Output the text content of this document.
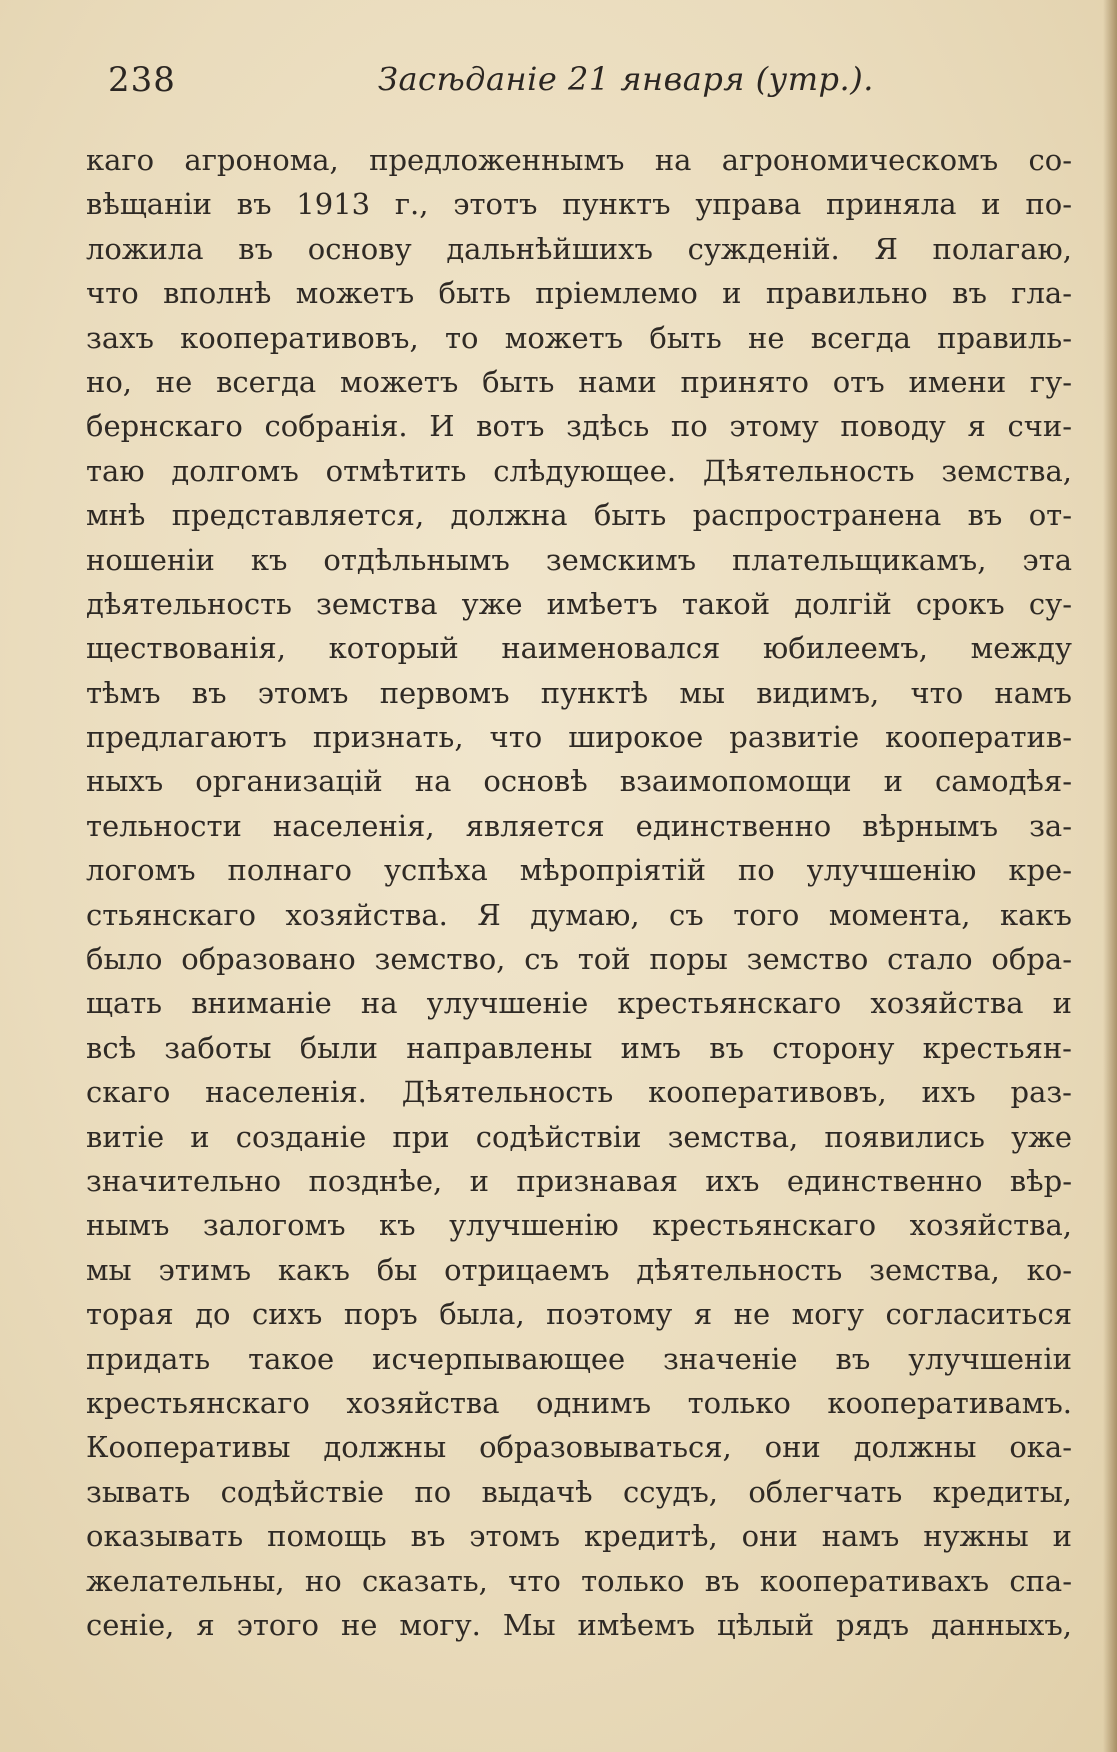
238	Засѣданіе 21 января (утр.).
каго агронома, предложеннымъ на агрономическомъ со-
вѣщаніи въ 1913 г., этотъ пунктъ управа приняла и по-
ложила въ основу дальнѣйшихъ сужденій. Я полагаю,
что вполнѣ можетъ быть пріемлемо и правильно въ гла-
захъ кооперативовъ, то можетъ быть не всегда правиль-
но, не всегда можетъ быть нами принято отъ имени гу-
бернскаго собранія. И вотъ здѣсь по этому поводу я счи-
таю долгомъ отмѣтить слѣдующее. Дѣятельность земства,
мнѣ представляется, должна быть распространена въ от-
ношеніи къ отдѣльнымъ земскимъ плательщикамъ, эта
дѣятельность земства уже имѣетъ такой долгій срокъ су-
ществованія, который наименовался юбилеемъ, между
тѣмъ въ этомъ первомъ пунктѣ мы видимъ, что намъ
предлагаютъ признать, что широкое развитіе кооператив-
ныхъ организацій на основѣ взаимопомощи и самодѣя-
тельности населенія, является единственно вѣрнымъ за-
логомъ полнаго успѣха мѣропріятій по улучшенію кре-
стьянскаго хозяйства. Я думаю, съ того момента, какъ
было образовано земство, съ той поры земство стало обра-
щать вниманіе на улучшеніе крестьянскаго хозяйства и
всѣ заботы были направлены имъ въ сторону крестьян-
скаго населенія. Дѣятельность кооперативовъ, ихъ раз-
витіе и созданіе при содѣйствіи земства, появились уже
значительно позднѣе, и признавая ихъ единственно вѣр-
нымъ залогомъ къ улучшенію крестьянскаго хозяйства,
мы этимъ какъ бы отрицаемъ дѣятельность земства, ко-
торая до сихъ поръ была, поэтому я не могу согласиться
придать такое исчерпывающее значеніе въ улучшеніи
крестьянскаго хозяйства однимъ только кооперативамъ.
Кооперативы должны образовываться, они должны ока-
зывать содѣйствіе по выдачѣ ссудъ, облегчать кредиты,
оказывать помощь въ этомъ кредитѣ, они намъ нужны и
желательны, но сказать, что только въ кооперативахъ спа-
сеніе, я этого не могу. Мы имѣемъ цѣлый рядъ данныхъ,
